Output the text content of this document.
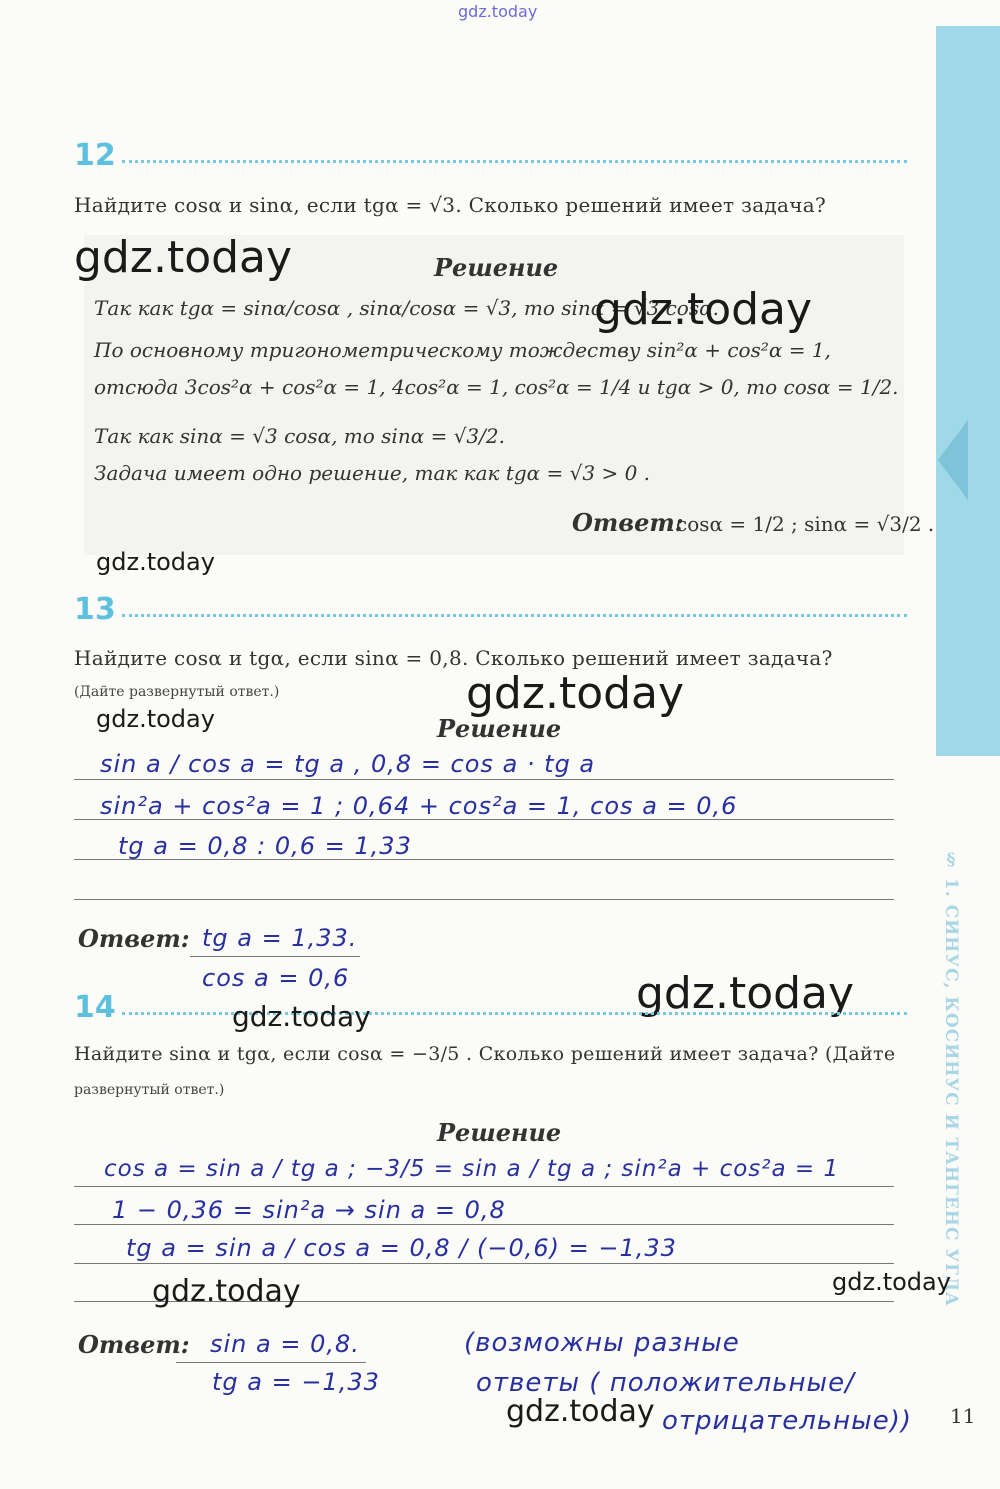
gdz.today
§ 1. СИНУС, КОСИНУС И ТАНГЕНС УГЛА
12
Найдите cosα и sinα, если tgα = √3. Сколько решений имеет задача?
gdz.today	Решение
Так как tgα = sinα/cosα , sinα/cosα = √3, то sinα = √3 cosα.
gdz.today
По основному тригонометрическому тождеству sin²α + cos²α = 1,
отсюда 3cos²α + cos²α = 1, 4cos²α = 1, cos²α = 1/4 и tgα > 0, то cosα = 1/2.
Так как sinα = √3 cosα, то sinα = √3/2.
Задача имеет одно решение, так как tgα = √3 > 0 .
Ответ:
cosα = 1/2 ; sinα = √3/2 .
gdz.today
13
Найдите cosα и tgα, если sinα = 0,8. Сколько решений имеет задача?
(Дайте развернутый ответ.)	gdz.today
gdz.today	Решение
sin a / cos a = tg a , 0,8 = cos a · tg a
sin²a + cos²a = 1 ; 0,64 + cos²a = 1, cos a = 0,6
tg a = 0,8 : 0,6 = 1,33
Ответ: tg a = 1,33.
cos a = 0,6	gdz.today
14	gdz.today
Найдите sinα и tgα, если cosα = −3/5 . Сколько решений имеет задача? (Дайте
развернутый ответ.)
Решение
cos a = sin a / tg a ; −3/5 = sin a / tg a ; sin²a + cos²a = 1
1 − 0,36 = sin²a → sin a = 0,8
tg a = sin a / cos a = 0,8 / (−0,6) = −1,33
gdz.today	gdz.today
Ответ: sin a = 0,8.
tg a = −1,33
(возможны разные
ответы ( положительные/
отрицательные))
gdz.today	11
